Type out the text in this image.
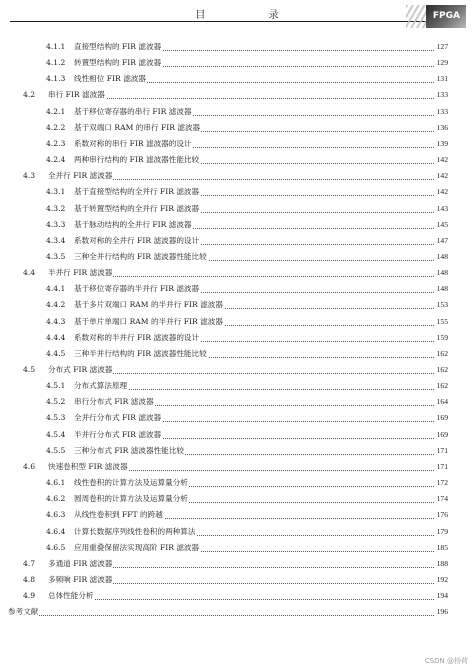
目 录	FPGA
4.1.1 直接型结构的 FIR 滤波器	127
4.1.2 转置型结构的 FIR 滤波器	129
4.1.3 线性相位 FIR 滤波器	131
4.2 串行 FIR 滤波器	133
4.2.1 基于移位寄存器的串行 FIR 滤波器	133
4.2.2 基于双端口 RAM 的串行 FIR 滤波器	136
4.2.3 系数对称的串行 FIR 滤波器的设计	139
4.2.4 两种串行结构的 FIR 滤波器性能比较	142
4.3 全并行 FIR 滤波器	142
4.3.1 基于直接型结构的全并行 FIR 滤波器	142
4.3.2 基于转置型结构的全并行 FIR 滤波器	143
4.3.3 基于脉动结构的全并行 FIR 滤波器	145
4.3.4 系数对称的全并行 FIR 滤波器的设计	147
4.3.5 三种全并行结构的 FIR 滤波器性能比较	148
4.4 半并行 FIR 滤波器	148
4.4.1 基于移位寄存器的半并行 FIR 滤波器	148
4.4.2 基于多片双端口 RAM 的半并行 FIR 滤波器	153
4.4.3 基于单片单端口 RAM 的半并行 FIR 滤波器	155
4.4.4 系数对称的半并行 FIR 滤波器的设计	159
4.4.5 三种半并行结构的 FIR 滤波器性能比较	162
4.5 分布式 FIR 滤波器	162
4.5.1 分布式算法原理	162
4.5.2 串行分布式 FIR 滤波器	164
4.5.3 全并行分布式 FIR 滤波器	169
4.5.4 半并行分布式 FIR 滤波器	169
4.5.5 三种分布式 FIR 滤波器性能比较	171
4.6 快速卷积型 FIR 滤波器	171
4.6.1 线性卷积的计算方法及运算量分析	172
4.6.2 圆周卷积的计算方法及运算量分析	174
4.6.3 从线性卷积到 FFT 的跨越	176
4.6.4 计算长数据序列线性卷积的两种算法	179
4.6.5 应用重叠保留法实现高阶 FIR 滤波器	185
4.7 多通道 FIR 滤波器	188
4.8 多频响 FIR 滤波器	192
4.9 总体性能分析	194
参考文献	196
CSDN @杨荷
